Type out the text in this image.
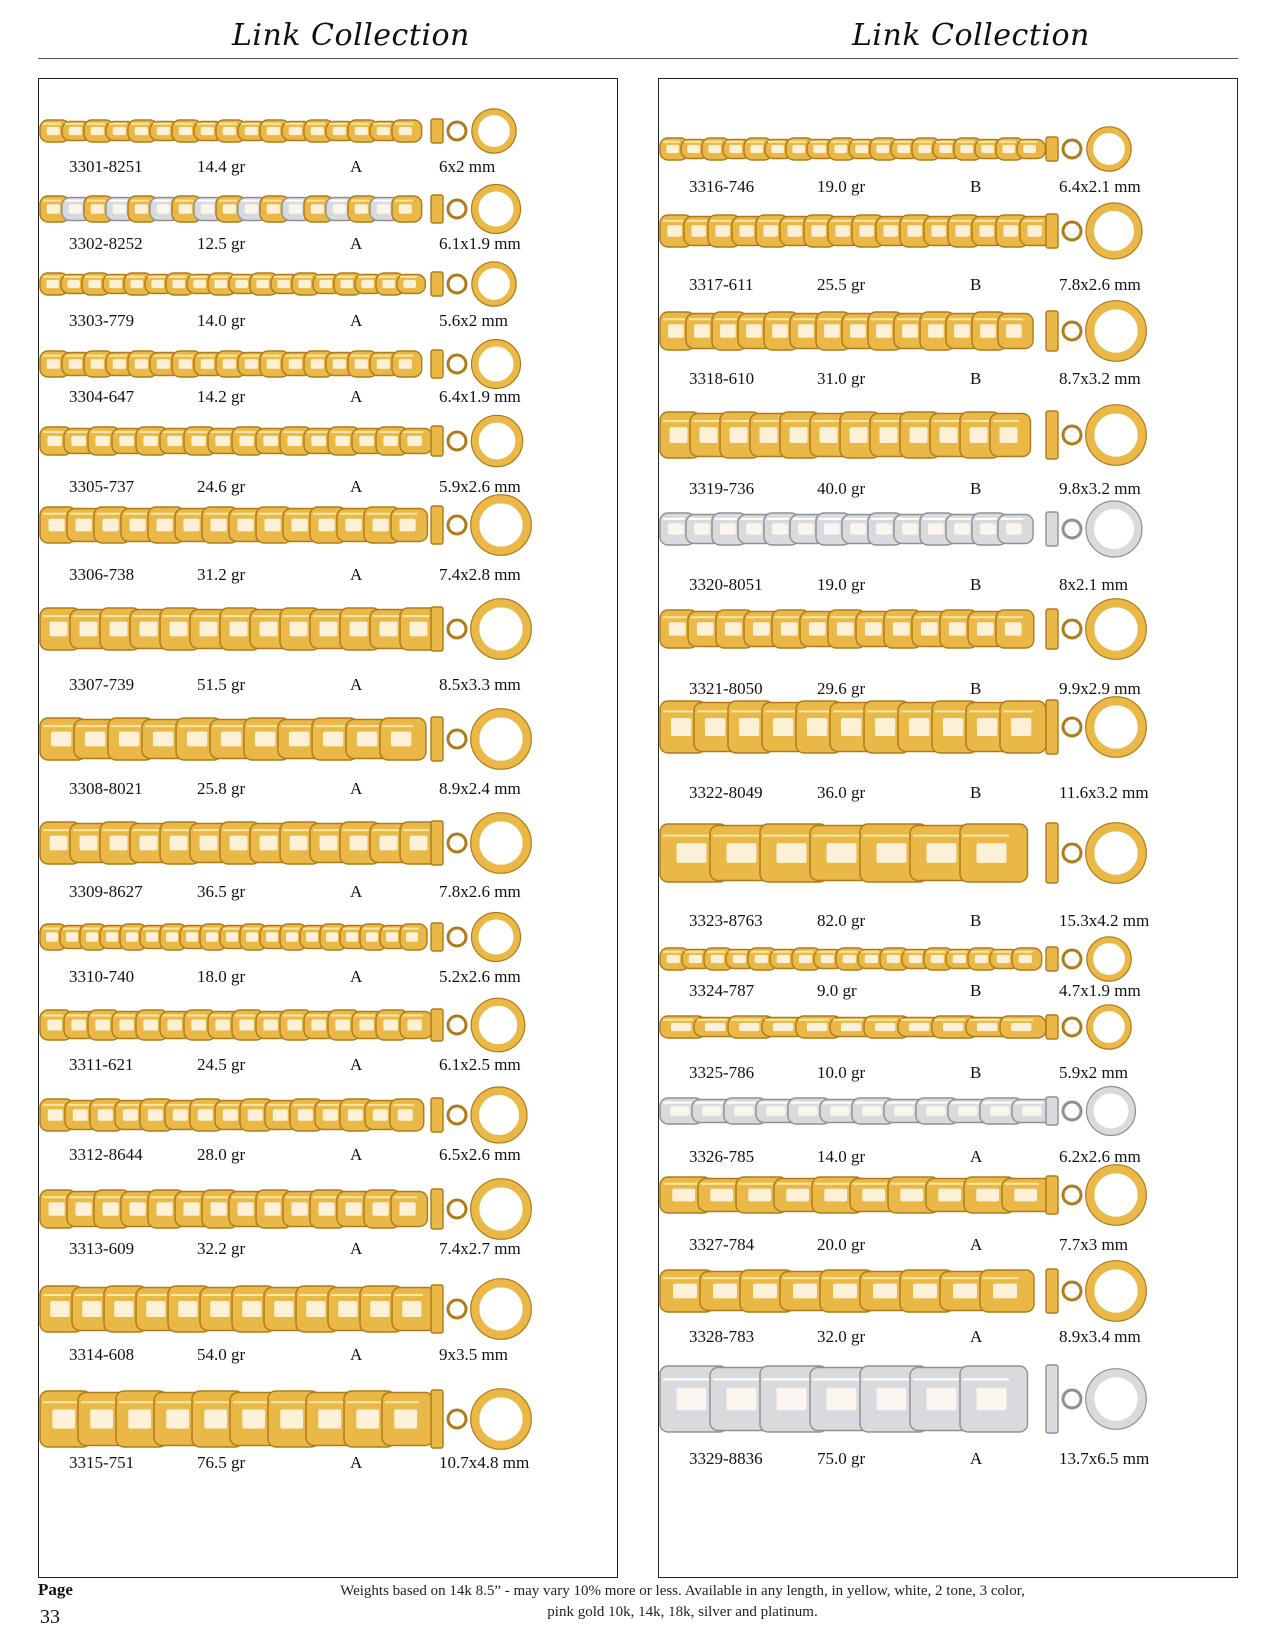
Link Collection	Link Collection
3301-8251	14.4 gr	A	6x2 mm
3302-8252	12.5 gr	A	6.1x1.9 mm
3303-779	14.0 gr	A	5.6x2 mm
3304-647	14.2 gr	A	6.4x1.9 mm
3305-737	24.6 gr	A	5.9x2.6 mm
3306-738	31.2 gr	A	7.4x2.8 mm
3307-739	51.5 gr	A	8.5x3.3 mm
3308-8021	25.8 gr	A	8.9x2.4 mm
3309-8627	36.5 gr	A	7.8x2.6 mm
3310-740	18.0 gr	A	5.2x2.6 mm
3311-621	24.5 gr	A	6.1x2.5 mm
3312-8644	28.0 gr	A	6.5x2.6 mm
3313-609	32.2 gr	A	7.4x2.7 mm
3314-608	54.0 gr	A	9x3.5 mm
3315-751	76.5 gr	A	10.7x4.8 mm
3316-746	19.0 gr	B	6.4x2.1 mm
3317-611	25.5 gr	B	7.8x2.6 mm
3318-610	31.0 gr	B	8.7x3.2 mm
3319-736	40.0 gr	B	9.8x3.2 mm
3320-8051	19.0 gr	B	8x2.1 mm
3321-8050	29.6 gr	B	9.9x2.9 mm
3322-8049	36.0 gr	B	11.6x3.2 mm
3323-8763	82.0 gr	B	15.3x4.2 mm
3324-787	9.0 gr	B	4.7x1.9 mm
3325-786	10.0 gr	B	5.9x2 mm
3326-785	14.0 gr	A	6.2x2.6 mm
3327-784	20.0 gr	A	7.7x3 mm
3328-783	32.0 gr	A	8.9x3.4 mm
3329-8836	75.0 gr	A	13.7x6.5 mm
Page
33
Weights based on 14k 8.5” - may vary 10% more or less. Available in any length, in yellow, white, 2 tone, 3 color,
pink gold 10k, 14k, 18k, silver and platinum.
